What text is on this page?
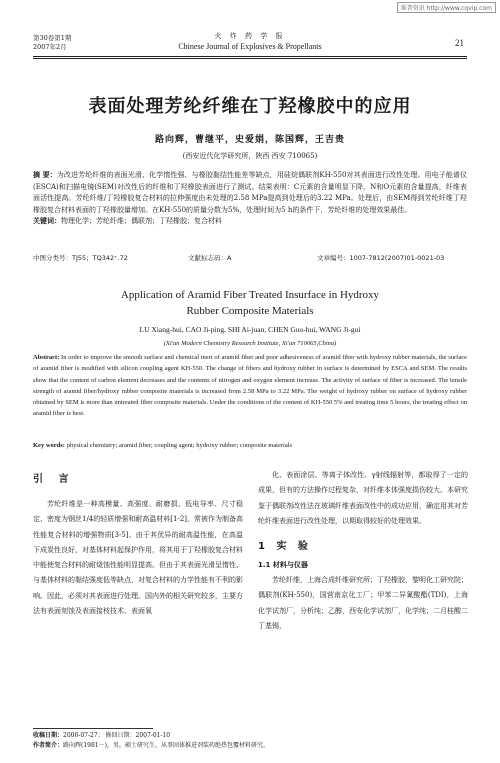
维普资讯 http://www.cqvip.com
第30卷第1期
2007年2月
火 炸 药 学 报
Chinese Journal of Explosives & Propellants	21
表面处理芳纶纤维在丁羟橡胶中的应用
路向辉，曹继平，史爱娟，陈国辉，王吉贵
(西安近代化学研究所，陕西 西安 710065)
摘 要：为改进芳纶纤维的表面光滑、化学惰性强、与橡胶黏结性能差等缺点，用硅烷偶联剂KH-550对其表面进行改性处理。用电子能谱仪(ESCA)和扫描电镜(SEM)对改性后的纤维和丁羟橡胶表面进行了测试。结果表明：C元素的含量明显下降，N和O元素的含量提高，纤维表面活性提高。芳纶纤维/丁羟橡胶复合材料的拉伸强度由未处理的2.58 MPa提高到处理后的3.22 MPa。处理后，由SEM得到芳纶纤维丁羟橡胶复合材料表面的丁羟橡胶量增加。在KH-550的质量分数为5%，处理时间为5 h的条件下，芳纶纤维的处理效果最佳。
关键词：物理化学；芳纶纤维；偶联剂；丁羟橡胶；复合材料
中图分类号：TJ55；TQ342⁺.72	文献标志码：A	文章编号：1007-7812(2007)01-0021-03
Application of Aramid Fiber Treated Insurface in Hydroxy
Rubber Composite Materials
LU Xiang-hui, CAO Ji-ping, SHI Ai-juan, CHEN Guo-hui, WANG Ji-gui
(Xi'an Modern Chemistry Research Institute, Xi'an 710065,China)
Abstract: In order to improve the smooth surface and chemical inert of aramid fiber and poor adhesiveness of aramid fiber with hydroxy rubber materials, the surface of aramid fiber is modified with silicon coupling agent KH-550. The change of fibers and hydroxy rubber in surface is determined by ESCA and SEM. The results show that the content of carbon element decreases and the contents of nitrogen and oxygen element increase. The activity of surface of fiber is increased. The tensile strength of aramid fiber/hydroxy rubber composite materials is increased from 2.58 MPa to 3.22 MPa. The weight of hydroxy rubber on surface of hydroxy rubber obtained by SEM is more than untreated fiber composite materials. Under the conditions of the content of KH-550 5% and treating time 5 hours, the treating effect on aramid fiber is best.
Key words: physical chemistry; aramid fiber; coupling agent; hydroxy rubber; composite materials
引 言

芳纶纤维是一种高模量、高强度、耐磨损、低电导率、尺寸稳定、密度为钢丝1/4的轻质增强和耐高温材料[1-2]，常被作为制备高性能复合材料的增强物质[3-5]。由于其优异的耐高温性能，在高温下成炭性良好，对基体材料起保护作用，将其用于丁羟橡胶复合材料中能使复合材料的耐烧蚀性能明显提高。但由于其表面光滑呈惰性、与基体材料的黏结强度低等缺点，对复合材料的力学性能有不利的影响。因此，必须对其表面进行处理。国内外的相关研究较多，主要方法有表面刻蚀及表面接枝技术、表面氧

化、表面涂层、等离子体改性、γ射线辐射等，都取得了一定的成果，但有的方法操作过程复杂，对纤维本体强度损伤较大。本研究鉴于偶联剂改性法在玻璃纤维表面改性中的成功应用，确定用其对芳纶纤维表面进行改性处理，以期取得较好的处理效果。

1 实 验
1.1 材料与仪器

芳纶纤维，上海合成纤维研究所；丁羟橡胶，黎明化工研究院；偶联剂(KH-550)，国营南京化工厂；甲苯二异氰酸酯(TDI)，上海化学试剂厂，分析纯；乙醇，西安化学试剂厂，化学纯；二月桂酸二丁基锡，

收稿日期：2006-07-27； 修回日期：2007-01-10
作者简介：路向辉(1981－)，男，硕士研究生，从事固体推进剂装药绝热包覆材料研究。
